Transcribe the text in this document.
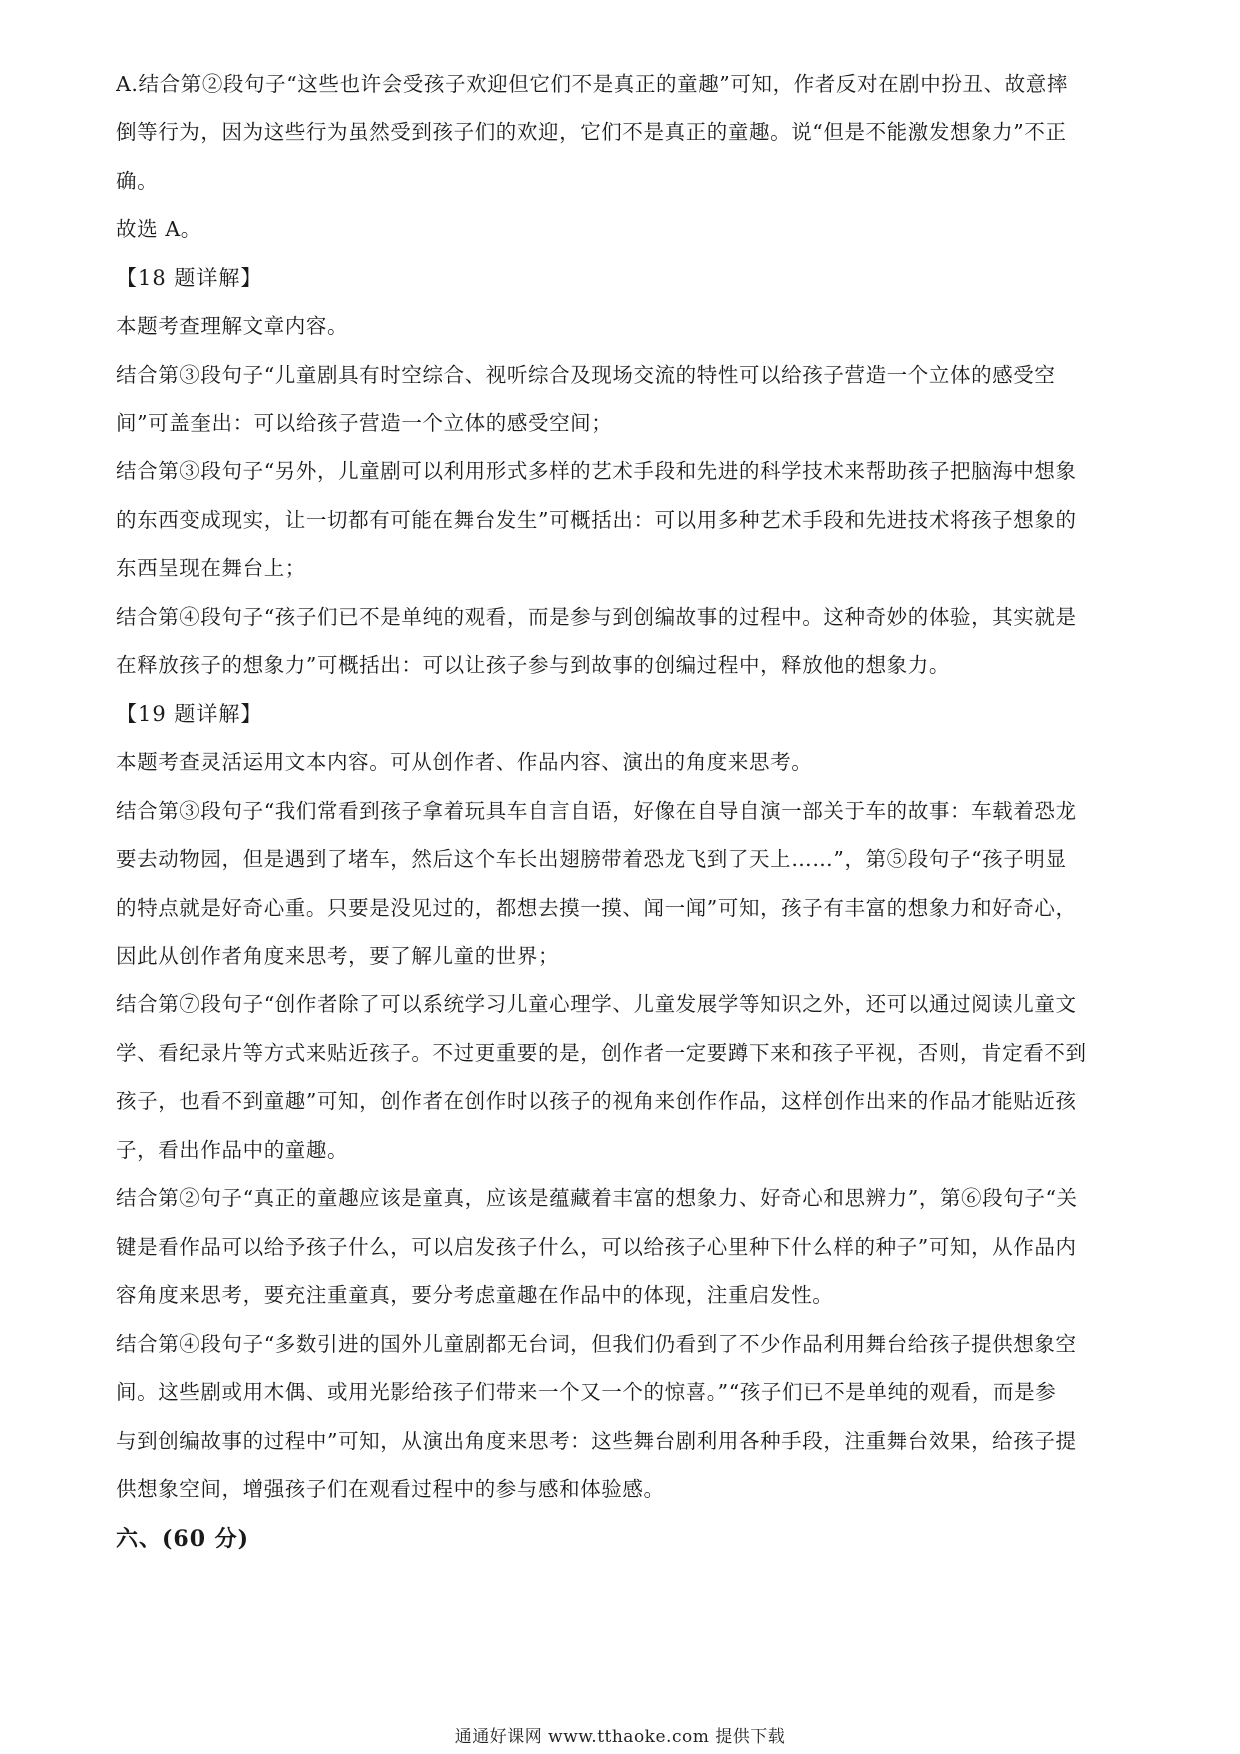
A.结合第②段句子“这些也许会受孩子欢迎但它们不是真正的童趣”可知，作者反对在剧中扮丑、故意摔
倒等行为，因为这些行为虽然受到孩子们的欢迎，它们不是真正的童趣。说“但是不能激发想象力”不正
确。
故选 A。
【18 题详解】
本题考查理解文章内容。
结合第③段句子“儿童剧具有时空综合、视听综合及现场交流的特性可以给孩子营造一个立体的感受空
间”可盖奎出：可以给孩子营造一个立体的感受空间；
结合第③段句子“另外，儿童剧可以利用形式多样的艺术手段和先进的科学技术来帮助孩子把脑海中想象
的东西变成现实，让一切都有可能在舞台发生”可概括出：可以用多种艺术手段和先进技术将孩子想象的
东西呈现在舞台上；
结合第④段句子“孩子们已不是单纯的观看，而是参与到创编故事的过程中。这种奇妙的体验，其实就是
在释放孩子的想象力”可概括出：可以让孩子参与到故事的创编过程中，释放他的想象力。
【19 题详解】
本题考查灵活运用文本内容。可从创作者、作品内容、演出的角度来思考。
结合第③段句子“我们常看到孩子拿着玩具车自言自语，好像在自导自演一部关于车的故事：车载着恐龙
要去动物园，但是遇到了堵车，然后这个车长出翅膀带着恐龙飞到了天上……”，第⑤段句子“孩子明显
的特点就是好奇心重。只要是没见过的，都想去摸一摸、闻一闻”可知，孩子有丰富的想象力和好奇心，
因此从创作者角度来思考，要了解儿童的世界；
结合第⑦段句子“创作者除了可以系统学习儿童心理学、儿童发展学等知识之外，还可以通过阅读儿童文
学、看纪录片等方式来贴近孩子。不过更重要的是，创作者一定要蹲下来和孩子平视，否则，肯定看不到
孩子，也看不到童趣”可知，创作者在创作时以孩子的视角来创作作品，这样创作出来的作品才能贴近孩
子，看出作品中的童趣。
结合第②句子“真正的童趣应该是童真，应该是蕴藏着丰富的想象力、好奇心和思辨力”，第⑥段句子“关
键是看作品可以给予孩子什么，可以启发孩子什么，可以给孩子心里种下什么样的种子”可知，从作品内
容角度来思考，要充注重童真，要分考虑童趣在作品中的体现，注重启发性。
结合第④段句子“多数引进的国外儿童剧都无台词，但我们仍看到了不少作品利用舞台给孩子提供想象空
间。这些剧或用木偶、或用光影给孩子们带来一个又一个的惊喜。”“孩子们已不是单纯的观看，而是参
与到创编故事的过程中”可知，从演出角度来思考：这些舞台剧利用各种手段，注重舞台效果，给孩子提
供想象空间，增强孩子们在观看过程中的参与感和体验感。
六、(60 分)
通通好课网 www.tthaoke.com 提供下载
